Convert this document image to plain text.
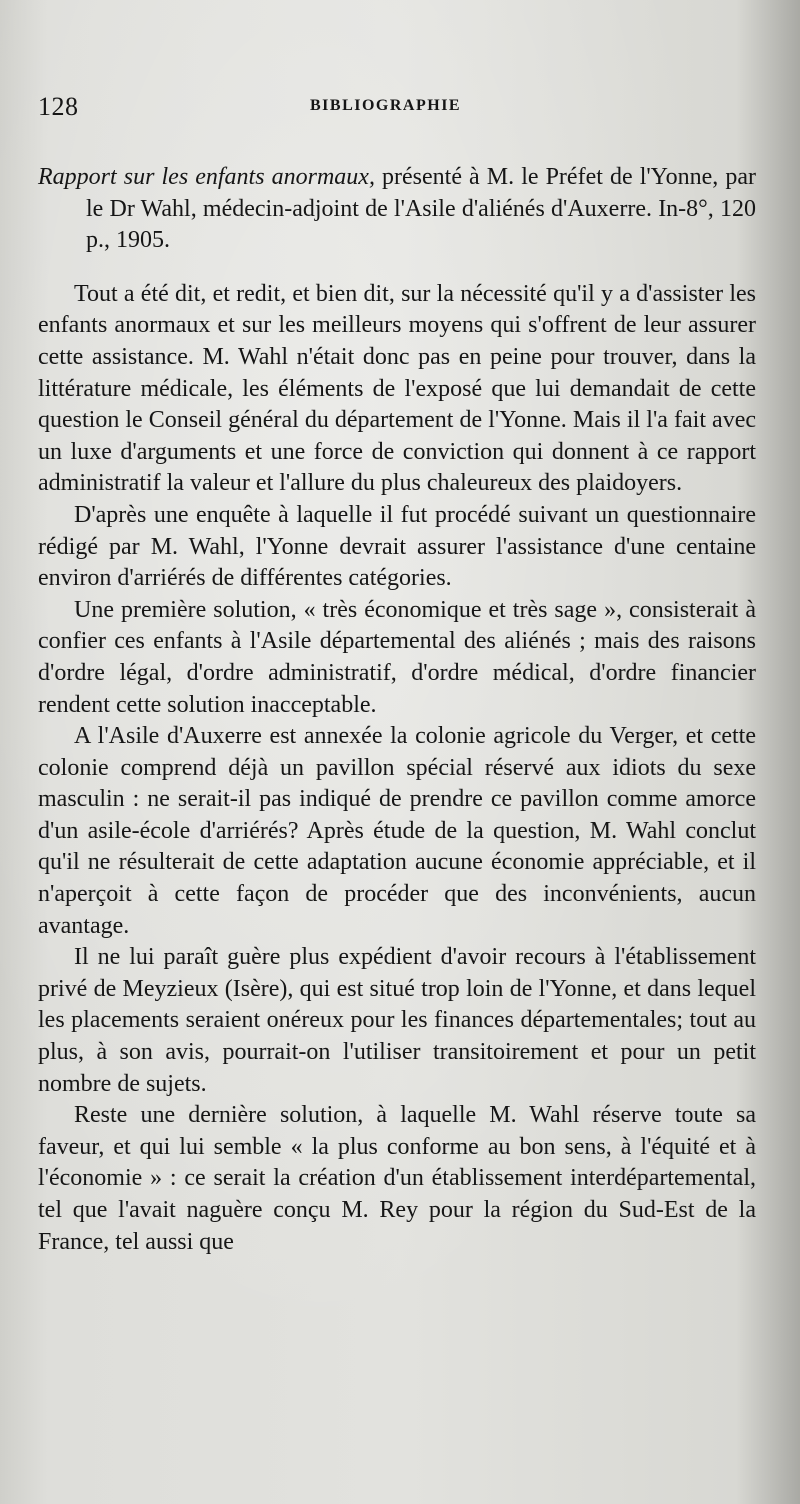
128	BIBLIOGRAPHIE

Rapport sur les enfants anormaux, présenté à M. le Préfet de l'Yonne, par le Dr Wahl, médecin-adjoint de l'Asile d'aliénés d'Auxerre. In-8°, 120 p., 1905.

Tout a été dit, et redit, et bien dit, sur la nécessité qu'il y a d'assister les enfants anormaux et sur les meilleurs moyens qui s'offrent de leur assurer cette assistance. M. Wahl n'était donc pas en peine pour trouver, dans la littérature médicale, les éléments de l'exposé que lui demandait de cette question le Conseil général du département de l'Yonne. Mais il l'a fait avec un luxe d'arguments et une force de conviction qui donnent à ce rapport administratif la valeur et l'allure du plus chaleureux des plaidoyers.

D'après une enquête à laquelle il fut procédé suivant un questionnaire rédigé par M. Wahl, l'Yonne devrait assurer l'assistance d'une centaine environ d'arriérés de différentes catégories.

Une première solution, « très économique et très sage », consisterait à confier ces enfants à l'Asile départemental des aliénés ; mais des raisons d'ordre légal, d'ordre administratif, d'ordre médical, d'ordre financier rendent cette solution inacceptable.

A l'Asile d'Auxerre est annexée la colonie agricole du Verger, et cette colonie comprend déjà un pavillon spécial réservé aux idiots du sexe masculin : ne serait-il pas indiqué de prendre ce pavillon comme amorce d'un asile-école d'arriérés? Après étude de la question, M. Wahl conclut qu'il ne résulterait de cette adaptation aucune économie appréciable, et il n'aperçoit à cette façon de procéder que des inconvénients, aucun avantage.

Il ne lui paraît guère plus expédient d'avoir recours à l'établissement privé de Meyzieux (Isère), qui est situé trop loin de l'Yonne, et dans lequel les placements seraient onéreux pour les finances départementales; tout au plus, à son avis, pourrait-on l'utiliser transitoirement et pour un petit nombre de sujets.

Reste une dernière solution, à laquelle M. Wahl réserve toute sa faveur, et qui lui semble « la plus conforme au bon sens, à l'équité et à l'économie » : ce serait la création d'un établissement interdépartemental, tel que l'avait naguère conçu M. Rey pour la région du Sud-Est de la France, tel aussi que
